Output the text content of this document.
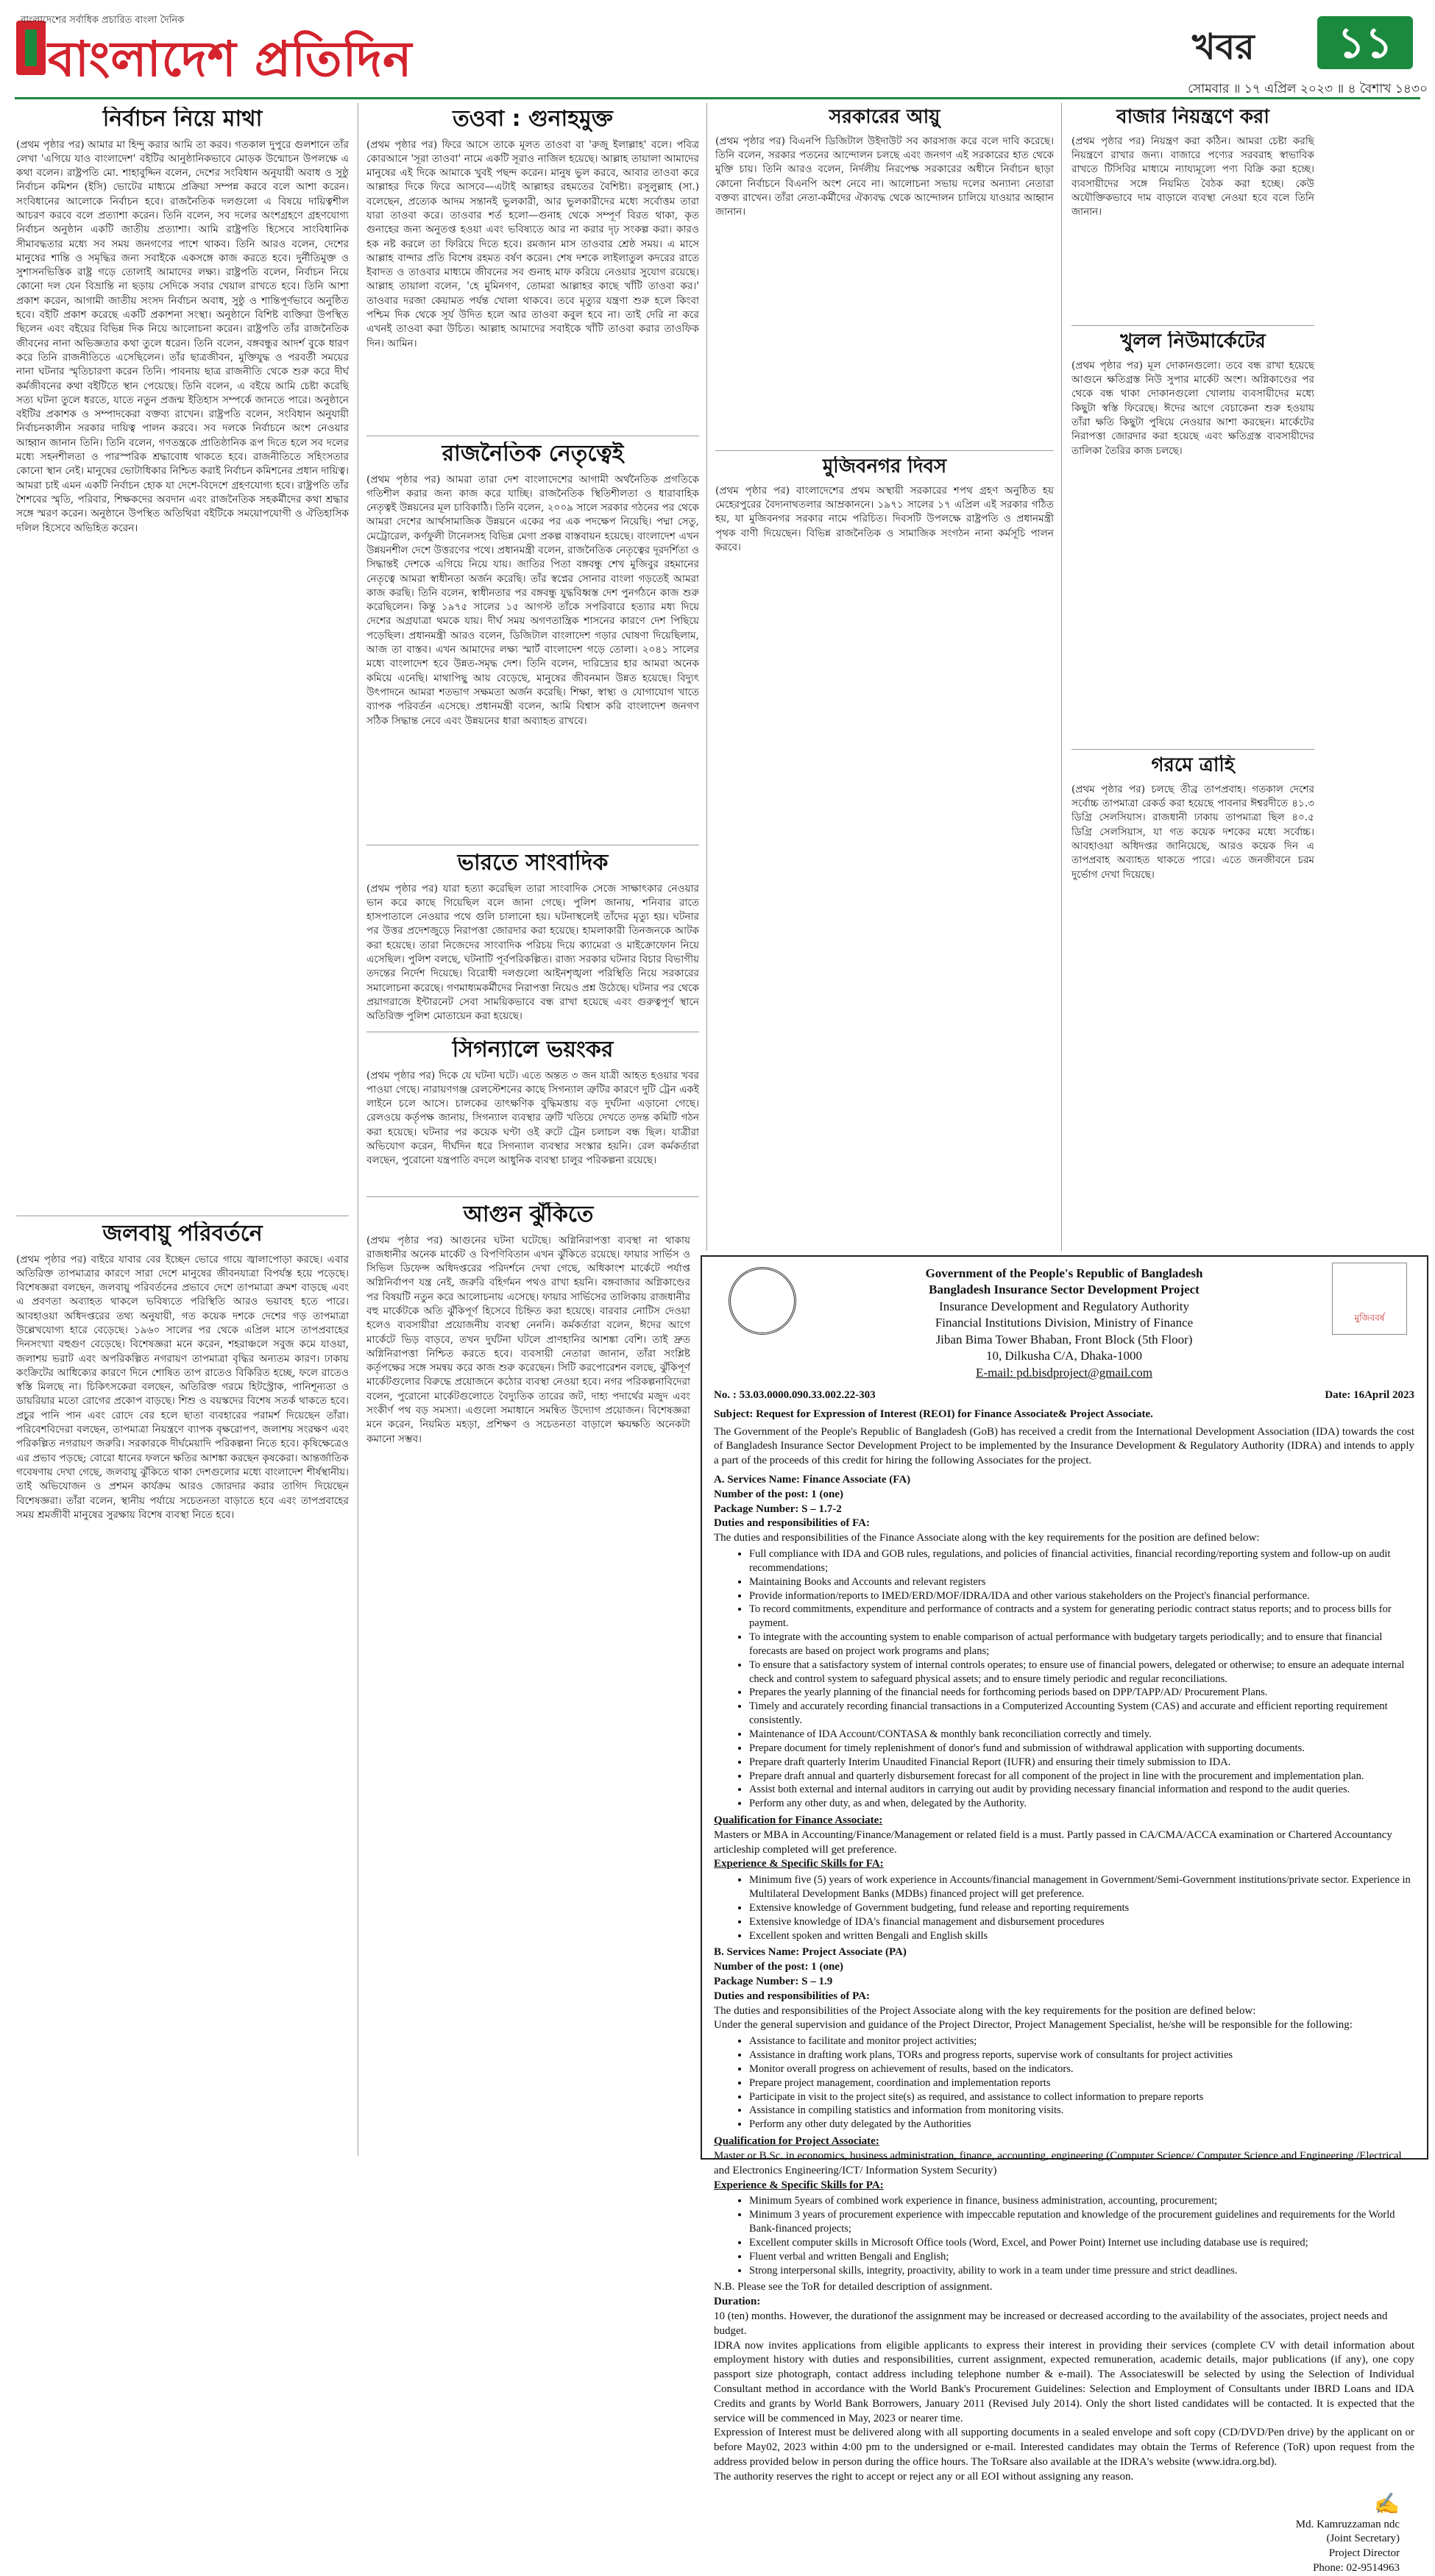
বাংলাদেশের সর্বাধিক প্রচারিত বাংলা দৈনিক
বাংলাদেশ প্রতিদিন	খবর	১১
সোমবার ॥ ১৭ এপ্রিল ২০২৩ ॥ ৪ বৈশাখ ১৪৩০
নির্বাচন নিয়ে মাথা

(প্রথম পৃষ্ঠার পর) আমার মা হিন্দু করার আমি তা করব। গতকাল দুপুরে গুলশানে তাঁর লেখা 'এগিয়ে যাও বাংলাদেশ' বইটির আনুষ্ঠানিকভাবে মোড়ক উন্মোচন উপলক্ষে এ কথা বলেন। রাষ্ট্রপতি মো. শাহাবুদ্দিন বলেন, দেশের সংবিধান অনুযায়ী অবাধ ও সুষ্ঠু নির্বাচন কমিশন (ইসি) ভোটের মাধ্যমে প্রক্রিয়া সম্পন্ন করবে বলে আশা করেন। সংবিধানের আলোকে নির্বাচন হবে। রাজনৈতিক দলগুলো এ বিষয়ে দায়িত্বশীল আচরণ করবে বলে প্রত্যাশা করেন। তিনি বলেন, সব দলের অংশগ্রহণে গ্রহণযোগ্য নির্বাচন অনুষ্ঠান একটি জাতীয় প্রত্যাশা। আমি রাষ্ট্রপতি হিসেবে সাংবিধানিক সীমাবদ্ধতার মধ্যে সব সময় জনগণের পাশে থাকব। তিনি আরও বলেন, দেশের মানুষের শান্তি ও সমৃদ্ধির জন্য সবাইকে একসঙ্গে কাজ করতে হবে। দুর্নীতিমুক্ত ও সুশাসনভিত্তিক রাষ্ট্র গড়ে তোলাই আমাদের লক্ষ্য। রাষ্ট্রপতি বলেন, নির্বাচন নিয়ে কোনো দল যেন বিভ্রান্তি না ছড়ায় সেদিকে সবার খেয়াল রাখতে হবে। তিনি আশা প্রকাশ করেন, আগামী জাতীয় সংসদ নির্বাচন অবাধ, সুষ্ঠু ও শান্তিপূর্ণভাবে অনুষ্ঠিত হবে। বইটি প্রকাশ করেছে একটি প্রকাশনা সংস্থা। অনুষ্ঠানে বিশিষ্ট ব্যক্তিরা উপস্থিত ছিলেন এবং বইয়ের বিভিন্ন দিক নিয়ে আলোচনা করেন। রাষ্ট্রপতি তাঁর রাজনৈতিক জীবনের নানা অভিজ্ঞতার কথা তুলে ধরেন। তিনি বলেন, বঙ্গবন্ধুর আদর্শ বুকে ধারণ করে তিনি রাজনীতিতে এসেছিলেন। তাঁর ছাত্রজীবন, মুক্তিযুদ্ধ ও পরবর্তী সময়ের নানা ঘটনার স্মৃতিচারণা করেন তিনি। পাবনায় ছাত্র রাজনীতি থেকে শুরু করে দীর্ঘ কর্মজীবনের কথা বইটিতে স্থান পেয়েছে। তিনি বলেন, এ বইয়ে আমি চেষ্টা করেছি সত্য ঘটনা তুলে ধরতে, যাতে নতুন প্রজন্ম ইতিহাস সম্পর্কে জানতে পারে। অনুষ্ঠানে বইটির প্রকাশক ও সম্পাদকেরা বক্তব্য রাখেন। রাষ্ট্রপতি বলেন, সংবিধান অনুযায়ী নির্বাচনকালীন সরকার দায়িত্ব পালন করবে। সব দলকে নির্বাচনে অংশ নেওয়ার আহ্বান জানান তিনি। তিনি বলেন, গণতন্ত্রকে প্রাতিষ্ঠানিক রূপ দিতে হলে সব দলের মধ্যে সহনশীলতা ও পারস্পরিক শ্রদ্ধাবোধ থাকতে হবে। রাজনীতিতে সহিংসতার কোনো স্থান নেই। মানুষের ভোটাধিকার নিশ্চিত করাই নির্বাচন কমিশনের প্রধান দায়িত্ব। আমরা চাই এমন একটি নির্বাচন হোক যা দেশে-বিদেশে গ্রহণযোগ্য হবে। রাষ্ট্রপতি তাঁর শৈশবের স্মৃতি, পরিবার, শিক্ষকদের অবদান এবং রাজনৈতিক সহকর্মীদের কথা শ্রদ্ধার সঙ্গে স্মরণ করেন। অনুষ্ঠানে উপস্থিত অতিথিরা বইটিকে সময়োপযোগী ও ঐতিহাসিক দলিল হিসেবে অভিহিত করেন।

জলবায়ু পরিবর্তনে

(প্রথম পৃষ্ঠার পর) বাইরে যাবার বের ইচ্ছেন ভোরে গায়ে জ্বালাপোড়া করছে। এবার অতিরিক্ত তাপমাত্রার কারণে সারা দেশে মানুষের জীবনযাত্রা বিপর্যস্ত হয়ে পড়েছে। বিশেষজ্ঞরা বলছেন, জলবায়ু পরিবর্তনের প্রভাবে দেশে তাপমাত্রা ক্রমশ বাড়ছে এবং এ প্রবণতা অব্যাহত থাকলে ভবিষ্যতে পরিস্থিতি আরও ভয়াবহ হতে পারে। আবহাওয়া অধিদপ্তরের তথ্য অনুযায়ী, গত কয়েক দশকে দেশের গড় তাপমাত্রা উল্লেখযোগ্য হারে বেড়েছে। ১৯৬০ সালের পর থেকে এপ্রিল মাসে তাপপ্রবাহের দিনসংখ্যা বহুগুণ বেড়েছে। বিশেষজ্ঞরা মনে করেন, শহরাঞ্চলে সবুজ কমে যাওয়া, জলাশয় ভরাট এবং অপরিকল্পিত নগরায়ণ তাপমাত্রা বৃদ্ধির অন্যতম কারণ। ঢাকায় কংক্রিটের আধিক্যের কারণে দিনে শোষিত তাপ রাতেও বিকিরিত হচ্ছে, ফলে রাতেও স্বস্তি মিলছে না। চিকিৎসকেরা বলছেন, অতিরিক্ত গরমে হিটস্ট্রোক, পানিশূন্যতা ও ডায়রিয়ার মতো রোগের প্রকোপ বাড়ছে। শিশু ও বয়স্কদের বিশেষ সতর্ক থাকতে হবে। প্রচুর পানি পান এবং রোদে বের হলে ছাতা ব্যবহারের পরামর্শ দিয়েছেন তাঁরা। পরিবেশবিদেরা বলছেন, তাপমাত্রা নিয়ন্ত্রণে ব্যাপক বৃক্ষরোপণ, জলাশয় সংরক্ষণ এবং পরিকল্পিত নগরায়ণ জরুরি। সরকারকে দীর্ঘমেয়াদি পরিকল্পনা নিতে হবে। কৃষিক্ষেত্রেও এর প্রভাব পড়ছে; বোরো ধানের ফলনে ক্ষতির আশঙ্কা করছেন কৃষকেরা। আন্তর্জাতিক গবেষণায় দেখা গেছে, জলবায়ু ঝুঁকিতে থাকা দেশগুলোর মধ্যে বাংলাদেশ শীর্ষস্থানীয়। তাই অভিযোজন ও প্রশমন কার্যক্রম আরও জোরদার করার তাগিদ দিয়েছেন বিশেষজ্ঞরা। তাঁরা বলেন, স্থানীয় পর্যায়ে সচেতনতা বাড়াতে হবে এবং তাপপ্রবাহের সময় শ্রমজীবী মানুষের সুরক্ষায় বিশেষ ব্যবস্থা নিতে হবে।

তওবা : গুনাহমুক্ত

(প্রথম পৃষ্ঠার পর) ফিরে আসে তাকে মূলত তাওবা বা 'রুজু ইলাল্লাহ' বলে। পবিত্র কোরআনে 'সূরা তাওবা' নামে একটি সূরাও নাজিল হয়েছে। আল্লাহ তায়ালা আমাদের মানুষের এই দিকে আমাকে খুবই পছন্দ করেন। মানুষ ভুল করবে, আবার তাওবা করে আল্লাহর দিকে ফিরে আসবে—এটাই আল্লাহর রহমতের বৈশিষ্ট্য। রসুলুল্লাহ (সা.) বলেছেন, প্রত্যেক আদম সন্তানই ভুলকারী, আর ভুলকারীদের মধ্যে সর্বোত্তম তারা যারা তাওবা করে। তাওবার শর্ত হলো—গুনাহ থেকে সম্পূর্ণ বিরত থাকা, কৃত গুনাহের জন্য অনুতপ্ত হওয়া এবং ভবিষ্যতে আর না করার দৃঢ় সংকল্প করা। কারও হক নষ্ট করলে তা ফিরিয়ে দিতে হবে। রমজান মাস তাওবার শ্রেষ্ঠ সময়। এ মাসে আল্লাহ বান্দার প্রতি বিশেষ রহমত বর্ষণ করেন। শেষ দশকে লাইলাতুল কদরের রাতে ইবাদত ও তাওবার মাধ্যমে জীবনের সব গুনাহ মাফ করিয়ে নেওয়ার সুযোগ রয়েছে। আল্লাহ তায়ালা বলেন, 'হে মুমিনগণ, তোমরা আল্লাহর কাছে খাঁটি তাওবা কর।' তাওবার দরজা কেয়ামত পর্যন্ত খোলা থাকবে। তবে মৃত্যুর যন্ত্রণা শুরু হলে কিংবা পশ্চিম দিক থেকে সূর্য উদিত হলে আর তাওবা কবুল হবে না। তাই দেরি না করে এখনই তাওবা করা উচিত। আল্লাহ আমাদের সবাইকে খাঁটি তাওবা করার তাওফিক দিন। আমিন।

রাজনৈতিক নেতৃত্বেই

(প্রথম পৃষ্ঠার পর) আমরা তারা দেশ বাংলাদেশের আগামী অর্থনৈতিক প্রগতিকে গতিশীল করার জন্য কাজ করে যাচ্ছি। রাজনৈতিক স্থিতিশীলতা ও ধারাবাহিক নেতৃত্বই উন্নয়নের মূল চাবিকাঠি। তিনি বলেন, ২০০৯ সালে সরকার গঠনের পর থেকে আমরা দেশের আর্থসামাজিক উন্নয়নে একের পর এক পদক্ষেপ নিয়েছি। পদ্মা সেতু, মেট্রোরেল, কর্ণফুলী টানেলসহ বিভিন্ন মেগা প্রকল্প বাস্তবায়ন হয়েছে। বাংলাদেশ এখন উন্নয়নশীল দেশে উত্তরণের পথে। প্রধানমন্ত্রী বলেন, রাজনৈতিক নেতৃত্বের দূরদর্শিতা ও সিদ্ধান্তই দেশকে এগিয়ে নিয়ে যায়। জাতির পিতা বঙ্গবন্ধু শেখ মুজিবুর রহমানের নেতৃত্বে আমরা স্বাধীনতা অর্জন করেছি। তাঁর স্বপ্নের সোনার বাংলা গড়তেই আমরা কাজ করছি। তিনি বলেন, স্বাধীনতার পর বঙ্গবন্ধু যুদ্ধবিধ্বস্ত দেশ পুনর্গঠনে কাজ শুরু করেছিলেন। কিন্তু ১৯৭৫ সালের ১৫ আগস্ট তাঁকে সপরিবারে হত্যার মধ্য দিয়ে দেশের অগ্রযাত্রা থমকে যায়। দীর্ঘ সময় অগণতান্ত্রিক শাসনের কারণে দেশ পিছিয়ে পড়েছিল। প্রধানমন্ত্রী আরও বলেন, ডিজিটাল বাংলাদেশ গড়ার ঘোষণা দিয়েছিলাম, আজ তা বাস্তব। এখন আমাদের লক্ষ্য স্মার্ট বাংলাদেশ গড়ে তোলা। ২০৪১ সালের মধ্যে বাংলাদেশ হবে উন্নত-সমৃদ্ধ দেশ। তিনি বলেন, দারিদ্র্যের হার আমরা অনেক কমিয়ে এনেছি। মাথাপিছু আয় বেড়েছে, মানুষের জীবনমান উন্নত হয়েছে। বিদ্যুৎ উৎপাদনে আমরা শতভাগ সক্ষমতা অর্জন করেছি। শিক্ষা, স্বাস্থ্য ও যোগাযোগ খাতে ব্যাপক পরিবর্তন এসেছে। প্রধানমন্ত্রী বলেন, আমি বিশ্বাস করি বাংলাদেশ জনগণ সঠিক সিদ্ধান্ত নেবে এবং উন্নয়নের ধারা অব্যাহত রাখবে।

ভারতে সাংবাদিক

(প্রথম পৃষ্ঠার পর) যারা হত্যা করেছিল তারা সাংবাদিক সেজে সাক্ষাৎকার নেওয়ার ভান করে কাছে গিয়েছিল বলে জানা গেছে। পুলিশ জানায়, শনিবার রাতে হাসপাতালে নেওয়ার পথে গুলি চালানো হয়। ঘটনাস্থলেই তাঁদের মৃত্যু হয়। ঘটনার পর উত্তর প্রদেশজুড়ে নিরাপত্তা জোরদার করা হয়েছে। হামলাকারী তিনজনকে আটক করা হয়েছে। তারা নিজেদের সাংবাদিক পরিচয় দিয়ে ক্যামেরা ও মাইক্রোফোন নিয়ে এসেছিল। পুলিশ বলছে, ঘটনাটি পূর্বপরিকল্পিত। রাজ্য সরকার ঘটনার বিচার বিভাগীয় তদন্তের নির্দেশ দিয়েছে। বিরোধী দলগুলো আইনশৃঙ্খলা পরিস্থিতি নিয়ে সরকারের সমালোচনা করেছে। গণমাধ্যমকর্মীদের নিরাপত্তা নিয়েও প্রশ্ন উঠেছে। ঘটনার পর থেকে প্রয়াগরাজে ইন্টারনেট সেবা সাময়িকভাবে বন্ধ রাখা হয়েছে এবং গুরুত্বপূর্ণ স্থানে অতিরিক্ত পুলিশ মোতায়েন করা হয়েছে।

সিগন্যালে ভয়ংকর

(প্রথম পৃষ্ঠার পর) দিকে যে ঘটনা ঘটে। এতে অন্তত ৩ জন যাত্রী আহত হওয়ার খবর পাওয়া গেছে। নারায়ণগঞ্জ রেলস্টেশনের কাছে সিগন্যাল ত্রুটির কারণে দুটি ট্রেন একই লাইনে চলে আসে। চালকের তাৎক্ষণিক বুদ্ধিমত্তায় বড় দুর্ঘটনা এড়ানো গেছে। রেলওয়ে কর্তৃপক্ষ জানায়, সিগন্যাল ব্যবস্থার ত্রুটি খতিয়ে দেখতে তদন্ত কমিটি গঠন করা হয়েছে। ঘটনার পর কয়েক ঘণ্টা ওই রুটে ট্রেন চলাচল বন্ধ ছিল। যাত্রীরা অভিযোগ করেন, দীর্ঘদিন ধরে সিগন্যাল ব্যবস্থার সংস্কার হয়নি। রেল কর্মকর্তারা বলছেন, পুরোনো যন্ত্রপাতি বদলে আধুনিক ব্যবস্থা চালুর পরিকল্পনা রয়েছে।

আগুন ঝুঁকিতে

(প্রথম পৃষ্ঠার পর) আগুনের ঘটনা ঘটেছে। অগ্নিনিরাপত্তা ব্যবস্থা না থাকায় রাজধানীর অনেক মার্কেট ও বিপণিবিতান এখন ঝুঁকিতে রয়েছে। ফায়ার সার্ভিস ও সিভিল ডিফেন্স অধিদপ্তরের পরিদর্শনে দেখা গেছে, অধিকাংশ মার্কেটে পর্যাপ্ত অগ্নিনির্বাপণ যন্ত্র নেই, জরুরি বহির্গমন পথও রাখা হয়নি। বঙ্গবাজার অগ্নিকাণ্ডের পর বিষয়টি নতুন করে আলোচনায় এসেছে। ফায়ার সার্ভিসের তালিকায় রাজধানীর বহু মার্কেটকে অতি ঝুঁকিপূর্ণ হিসেবে চিহ্নিত করা হয়েছে। বারবার নোটিস দেওয়া হলেও ব্যবসায়ীরা প্রয়োজনীয় ব্যবস্থা নেননি। কর্মকর্তারা বলেন, ঈদের আগে মার্কেটে ভিড় বাড়বে, তখন দুর্ঘটনা ঘটলে প্রাণহানির আশঙ্কা বেশি। তাই দ্রুত অগ্নিনিরাপত্তা নিশ্চিত করতে হবে। ব্যবসায়ী নেতারা জানান, তাঁরা সংশ্লিষ্ট কর্তৃপক্ষের সঙ্গে সমন্বয় করে কাজ শুরু করেছেন। সিটি করপোরেশন বলছে, ঝুঁকিপূর্ণ মার্কেটগুলোর বিরুদ্ধে প্রয়োজনে কঠোর ব্যবস্থা নেওয়া হবে। নগর পরিকল্পনাবিদেরা বলেন, পুরোনো মার্কেটগুলোতে বৈদ্যুতিক তারের জট, দাহ্য পদার্থের মজুদ এবং সংকীর্ণ পথ বড় সমস্যা। এগুলো সমাধানে সমন্বিত উদ্যোগ প্রয়োজন। বিশেষজ্ঞরা মনে করেন, নিয়মিত মহড়া, প্রশিক্ষণ ও সচেতনতা বাড়ালে ক্ষয়ক্ষতি অনেকটা কমানো সম্ভব।

সরকারের আয়ু

(প্রথম পৃষ্ঠার পর) বিএনপি ডিজিটাল উইদাউট সব কারসাজ করে বলে দাবি করেছে। তিনি বলেন, সরকার পতনের আন্দোলন চলছে এবং জনগণ এই সরকারের হাত থেকে মুক্তি চায়। তিনি আরও বলেন, নির্দলীয় নিরপেক্ষ সরকারের অধীনে নির্বাচন ছাড়া কোনো নির্বাচনে বিএনপি অংশ নেবে না। আলোচনা সভায় দলের অন্যান্য নেতারা বক্তব্য রাখেন। তাঁরা নেতা-কর্মীদের ঐক্যবদ্ধ থেকে আন্দোলন চালিয়ে যাওয়ার আহ্বান জানান।

মুজিবনগর দিবস

(প্রথম পৃষ্ঠার পর) বাংলাদেশের প্রথম অস্থায়ী সরকারের শপথ গ্রহণ অনুষ্ঠিত হয় মেহেরপুরের বৈদ্যনাথতলার আম্রকাননে। ১৯৭১ সালের ১৭ এপ্রিল এই সরকার গঠিত হয়, যা মুজিবনগর সরকার নামে পরিচিত। দিবসটি উপলক্ষে রাষ্ট্রপতি ও প্রধানমন্ত্রী পৃথক বাণী দিয়েছেন। বিভিন্ন রাজনৈতিক ও সামাজিক সংগঠন নানা কর্মসূচি পালন করবে।

বাজার নিয়ন্ত্রণে করা

(প্রথম পৃষ্ঠার পর) নিয়ন্ত্রণ করা কঠিন। আমরা চেষ্টা করছি নিয়ন্ত্রণে রাখার জন্য। বাজারে পণ্যের সরবরাহ স্বাভাবিক রাখতে টিসিবির মাধ্যমে ন্যায্যমূল্যে পণ্য বিক্রি করা হচ্ছে। ব্যবসায়ীদের সঙ্গে নিয়মিত বৈঠক করা হচ্ছে। কেউ অযৌক্তিকভাবে দাম বাড়ালে ব্যবস্থা নেওয়া হবে বলে তিনি জানান।

খুলল নিউমার্কেটের

(প্রথম পৃষ্ঠার পর) মূল দোকানগুলো। তবে বন্ধ রাখা হয়েছে আগুনে ক্ষতিগ্রস্ত নিউ সুপার মার্কেট অংশ। অগ্নিকাণ্ডের পর থেকে বন্ধ থাকা দোকানগুলো খোলায় ব্যবসায়ীদের মধ্যে কিছুটা স্বস্তি ফিরেছে। ঈদের আগে বেচাকেনা শুরু হওয়ায় তাঁরা ক্ষতি কিছুটা পুষিয়ে নেওয়ার আশা করছেন। মার্কেটের নিরাপত্তা জোরদার করা হয়েছে এবং ক্ষতিগ্রস্ত ব্যবসায়ীদের তালিকা তৈরির কাজ চলছে।

গরমে ত্রাহি

(প্রথম পৃষ্ঠার পর) চলছে তীব্র তাপপ্রবাহ। গতকাল দেশের সর্বোচ্চ তাপমাত্রা রেকর্ড করা হয়েছে পাবনার ঈশ্বরদীতে ৪১.৩ ডিগ্রি সেলসিয়াস। রাজধানী ঢাকায় তাপমাত্রা ছিল ৪০.৫ ডিগ্রি সেলসিয়াস, যা গত কয়েক দশকের মধ্যে সর্বোচ্চ। আবহাওয়া অধিদপ্তর জানিয়েছে, আরও কয়েক দিন এ তাপপ্রবাহ অব্যাহত থাকতে পারে। এতে জনজীবনে চরম দুর্ভোগ দেখা দিয়েছে।

Government of the People's Republic of Bangladesh
Bangladesh Insurance Sector Development Project
Insurance Development and Regulatory Authority
Financial Institutions Division, Ministry of Finance
Jiban Bima Tower Bhaban, Front Block (5th Floor)
10, Dilkusha C/A, Dhaka-1000
E-mail: pd.bisdproject@gmail.com
No. : 53.03.0000.090.33.002.22-303	Date: 16April 2023
Subject: Request for Expression of Interest (REOI) for Finance Associate& Project Associate.
The Government of the People's Republic of Bangladesh (GoB) has received a credit from the International Development Association (IDA) towards the cost of Bangladesh Insurance Sector Development Project to be implemented by the Insurance Development & Regulatory Authority (IDRA) and intends to apply a part of the proceeds of this credit for hiring the following Associates for the project.
A. Services Name: Finance Associate (FA)
Number of the post: 1 (one)
Package Number: S – 1.7-2
Duties and responsibilities of FA:
The duties and responsibilities of the Finance Associate along with the key requirements for the position are defined below:
• Full compliance with IDA and GOB rules, regulations, and policies of financial activities, financial recording/reporting system and follow-up on audit recommendations;
• Maintaining Books and Accounts and relevant registers
• Provide information/reports to IMED/ERD/MOF/IDRA/IDA and other various stakeholders on the Project's financial performance.
• To record commitments, expenditure and performance of contracts and a system for generating periodic contract status reports; and to process bills for payment.
• To integrate with the accounting system to enable comparison of actual performance with budgetary targets periodically; and to ensure that financial forecasts are based on project work programs and plans;
• To ensure that a satisfactory system of internal controls operates; to ensure use of financial powers, delegated or otherwise; to ensure an adequate internal check and control system to safeguard physical assets; and to ensure timely periodic and regular reconciliations.
• Prepares the yearly planning of the financial needs for forthcoming periods based on DPP/TAPP/AD/ Procurement Plans.
• Timely and accurately recording financial transactions in a Computerized Accounting System (CAS) and accurate and efficient reporting requirement consistently.
• Maintenance of IDA Account/CONTASA & monthly bank reconciliation correctly and timely.
• Prepare document for timely replenishment of donor's fund and submission of withdrawal application with supporting documents.
• Prepare draft quarterly Interim Unaudited Financial Report (IUFR) and ensuring their timely submission to IDA.
• Prepare draft annual and quarterly disbursement forecast for all component of the project in line with the procurement and implementation plan.
• Assist both external and internal auditors in carrying out audit by providing necessary financial information and respond to the audit queries.
• Perform any other duty, as and when, delegated by the Authority.
Qualification for Finance Associate:
Masters or MBA in Accounting/Finance/Management or related field is a must. Partly passed in CA/CMA/ACCA examination or Chartered Accountancy articleship completed will get preference.
Experience & Specific Skills for FA:
• Minimum five (5) years of work experience in Accounts/financial management in Government/Semi-Government institutions/private sector. Experience in Multilateral Development Banks (MDBs) financed project will get preference.
• Extensive knowledge of Government budgeting, fund release and reporting requirements
• Extensive knowledge of IDA's financial management and disbursement procedures
• Excellent spoken and written Bengali and English skills
B. Services Name: Project Associate (PA)
Number of the post: 1 (one)
Package Number: S – 1.9
Duties and responsibilities of PA:
The duties and responsibilities of the Project Associate along with the key requirements for the position are defined below:
Under the general supervision and guidance of the Project Director, Project Management Specialist, he/she will be responsible for the following:
• Assistance to facilitate and monitor project activities;
• Assistance in drafting work plans, TORs and progress reports, supervise work of consultants for project activities
• Monitor overall progress on achievement of results, based on the indicators.
• Prepare project management, coordination and implementation reports
• Participate in visit to the project site(s) as required, and assistance to collect information to prepare reports
• Assistance in compiling statistics and information from monitoring visits.
• Perform any other duty delegated by the Authorities
Qualification for Project Associate:
Master or B.Sc. in economics, business administration, finance, accounting, engineering (Computer Science/ Computer Science and Engineering /Electrical and Electronics Engineering/ICT/ Information System Security)
Experience & Specific Skills for PA:
• Minimum 5years of combined work experience in finance, business administration, accounting, procurement;
• Minimum 3 years of procurement experience with impeccable reputation and knowledge of the procurement guidelines and requirements for the World Bank-financed projects;
• Excellent computer skills in Microsoft Office tools (Word, Excel, and Power Point) Internet use including database use is required;
• Fluent verbal and written Bengali and English;
• Strong interpersonal skills, integrity, proactivity, ability to work in a team under time pressure and strict deadlines.
N.B. Please see the ToR for detailed description of assignment.
Duration:
10 (ten) months. However, the durationof the assignment may be increased or decreased according to the availability of the associates, project needs and budget.
IDRA now invites applications from eligible applicants to express their interest in providing their services (complete CV with detail information about employment history with duties and responsibilities, current assignment, expected remuneration, academic details, major publications (if any), one copy passport size photograph, contact address including telephone number & e-mail). The Associateswill be selected by using the Selection of Individual Consultant method in accordance with the World Bank's Procurement Guidelines: Selection and Employment of Consultants under IBRD Loans and IDA Credits and grants by World Bank Borrowers, January 2011 (Revised July 2014). Only the short listed candidates will be contacted. It is expected that the service will be commenced in May, 2023 or nearer time.
Expression of Interest must be delivered along with all supporting documents in a sealed envelope and soft copy (CD/DVD/Pen drive) by the applicant on or before May02, 2023 within 4:00 pm to the undersigned or e-mail. Interested candidates may obtain the Terms of Reference (ToR) upon request from the address provided below in person during the office hours. The ToRsare also available at the IDRA's website (www.idra.org.bd).
The authority reserves the right to accept or reject any or all EOI without assigning any reason.
✍
Md. Kamruzzaman ndc
(Joint Secretary)
Project Director
Phone: 02-9514963
মুজিববর্ষ
